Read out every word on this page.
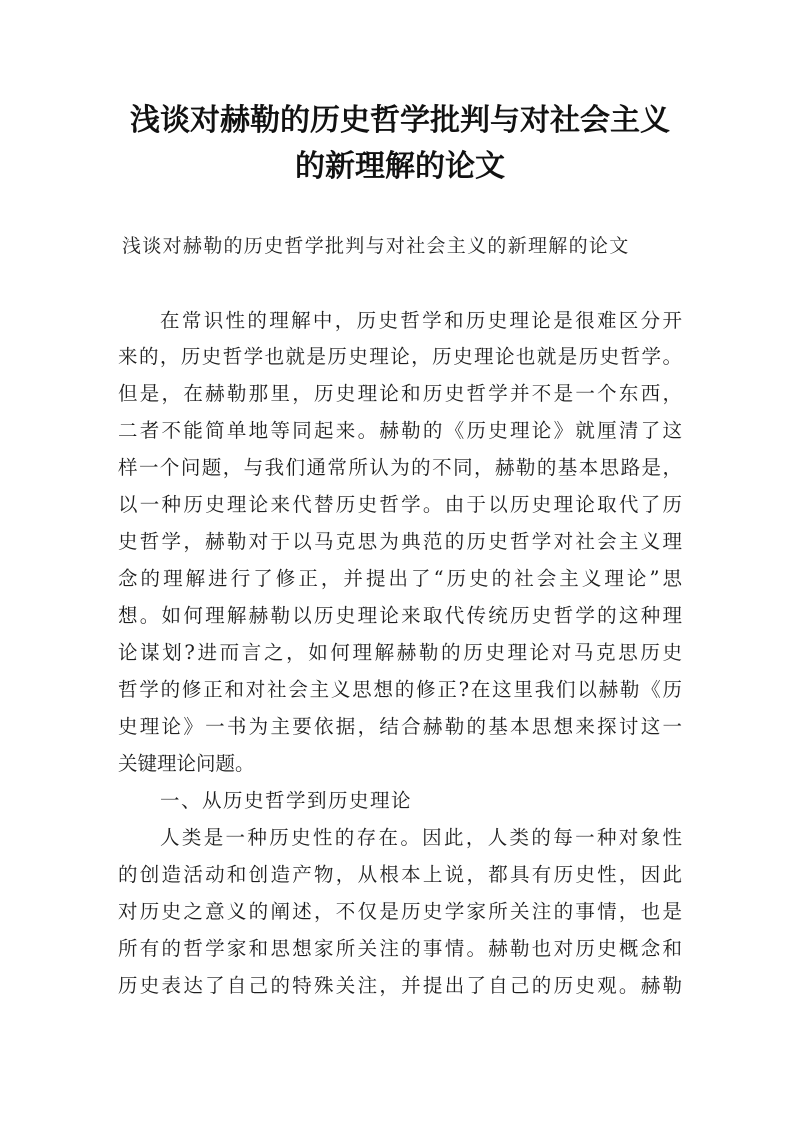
浅谈对赫勒的历史哲学批判与对社会主义
的新理解的论文
浅谈对赫勒的历史哲学批判与对社会主义的新理解的论文
在常识性的理解中，历史哲学和历史理论是很难区分开
来的，历史哲学也就是历史理论，历史理论也就是历史哲学。
但是，在赫勒那里，历史理论和历史哲学并不是一个东西，
二者不能简单地等同起来。赫勒的《历史理论》就厘清了这
样一个问题，与我们通常所认为的不同，赫勒的基本思路是，
以一种历史理论来代替历史哲学。由于以历史理论取代了历
史哲学，赫勒对于以马克思为典范的历史哲学对社会主义理
念的理解进行了修正，并提出了“历史的社会主义理论”思
想。如何理解赫勒以历史理论来取代传统历史哲学的这种理
论谋划?进而言之，如何理解赫勒的历史理论对马克思历史
哲学的修正和对社会主义思想的修正?在这里我们以赫勒《历
史理论》一书为主要依据，结合赫勒的基本思想来探讨这一
关键理论问题。
一、从历史哲学到历史理论
人类是一种历史性的存在。因此，人类的每一种对象性
的创造活动和创造产物，从根本上说，都具有历史性，因此
对历史之意义的阐述，不仅是历史学家所关注的事情，也是
所有的哲学家和思想家所关注的事情。赫勒也对历史概念和
历史表达了自己的特殊关注，并提出了自己的历史观。赫勒
